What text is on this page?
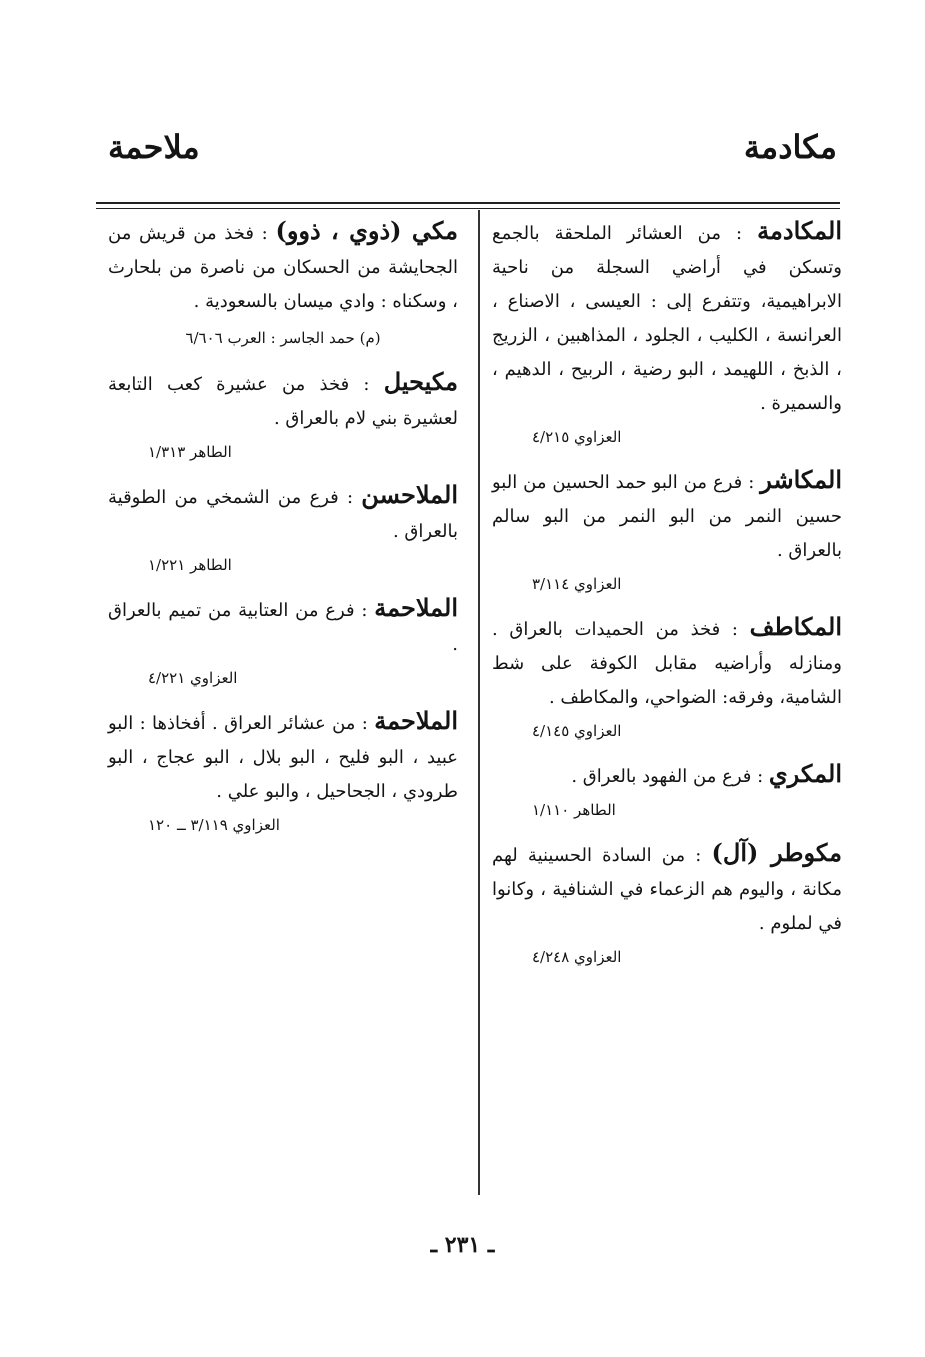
مكادمة
ملاحمة

المكادمة : من العشائر الملحقة بالجمع وتسكن في أراضي السجلة من ناحية الابراهيمية، وتتفرع إلى : العيسى ، الاصناع ، العرانسة ، الكليب ، الجلود ، المذاهبين ، الزريج ، الذبخ ، اللهيمد ، البو رضية ، الربيح ، الدهيم ، والسميرة .

العزاوي ٤/٢١٥

المكاشر : فرع من البو حمد الحسين من البو حسين النمر من البو النمر من البو سالم بالعراق .

العزاوي ٣/١١٤

المكاطف : فخذ من الحميدات بالعراق . ومنازله وأراضيه مقابل الكوفة على شط الشامية، وفرقه: الضواحي، والمكاطف .

العزاوي ٤/١٤٥

المكري : فرع من الفهود بالعراق .

الطاهر ١/١١٠

مكوطر (آل) : من السادة الحسينية لهم مكانة ، واليوم هم الزعماء في الشنافية ، وكانوا في لملوم .

العزاوي ٤/٢٤٨

مكي (ذوي ، ذوو) : فخذ من قريش من الجحايشة من الحسكان من ناصرة من بلحارث ، وسكناه : وادي ميسان بالسعودية .

(م) حمد الجاسر : العرب ٦/٦٠٦

مكيحيل : فخذ من عشيرة كعب التابعة لعشيرة بني لام بالعراق .

الطاهر ١/٣١٣

الملاحسن : فرع من الشمخي من الطوقية بالعراق .

الطاهر ١/٢٢١

الملاحمة : فرع من العتابية من تميم بالعراق .

العزاوي ٤/٢٢١

الملاحمة : من عشائر العراق . أفخاذها : البو عبيد ، البو فليح ، البو بلال ، البو عجاج ، البو طرودي ، الجحاحيل ، والبو علي .

العزاوي ٣/١١٩ ــ ١٢٠
ـ ٢٣١ ـ
